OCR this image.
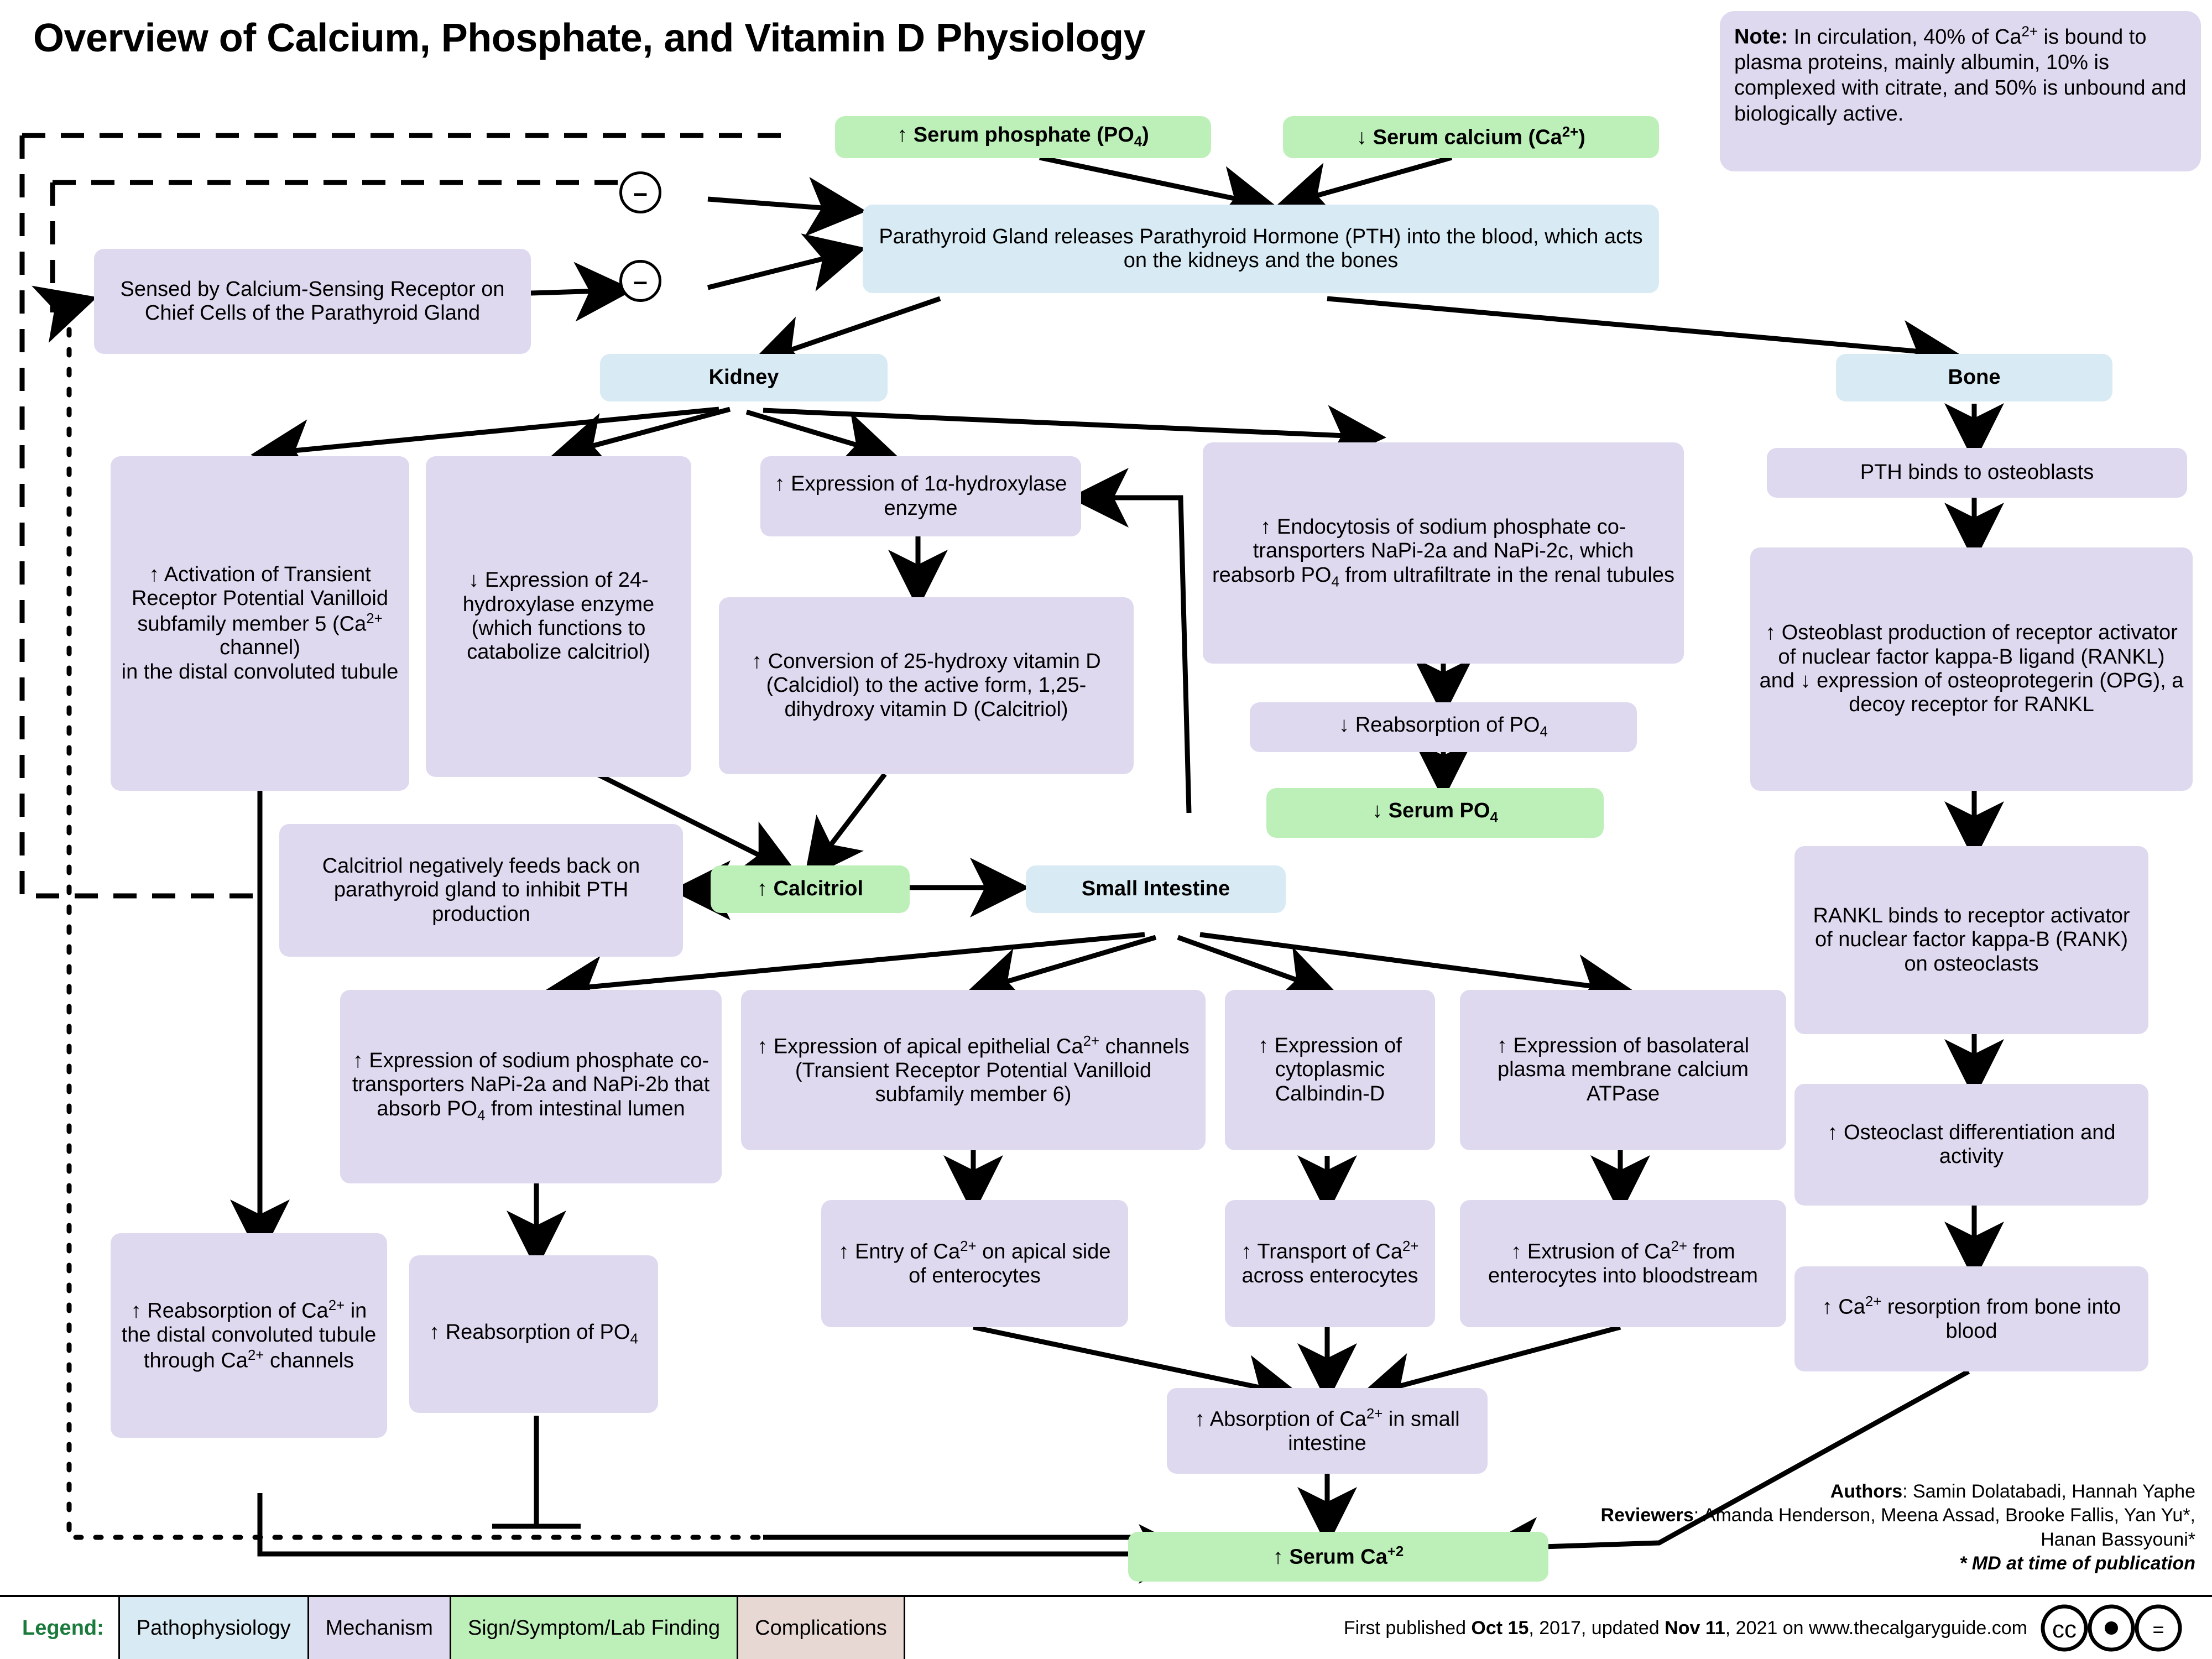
Overview of Calcium, Phosphate, and Vitamin D Physiology	Note: In circulation, 40% of $Ca^{2+}$ is bound to plasma proteins, mainly albumin, 10% is complexed with citrate, and 50% is unbound and biologically active.
↑ Serum phosphate $(PO_4)$	↓ Serum calcium $(Ca^{2+})$
Parathyroid Gland releases Parathyroid Hormone (PTH) into the blood, which acts on the kidneys and the bones
–
–
Sensed by Calcium-Sensing Receptor on Chief Cells of the Parathyroid Gland
Kidney	Bone
↑ Activation of Transient Receptor Potential Vanilloid subfamily member 5 ($Ca^{2+}$ channel)
in the distal convoluted tubule
↓ Expression of 24-hydroxylase enzyme (which functions to catabolize calcitriol)
↑ Expression of 1α-hydroxylase enzyme
↑ Conversion of 25-hydroxy vitamin D (Calcidiol) to the active form, 1,25-dihydroxy vitamin D (Calcitriol)
↑ Endocytosis of sodium phosphate co-transporters NaPi-2a and NaPi-2c, which reabsorb $PO_4$ from ultrafiltrate in the renal tubules
↓ Reabsorption of $PO_4$
↓ Serum $PO_4$
Calcitriol negatively feeds back on parathyroid gland to inhibit PTH production
↑ Calcitriol	Small Intestine
↑ Expression of sodium phosphate co-transporters NaPi-2a and NaPi-2b that absorb $PO_4$ from intestinal lumen
↑ Expression of apical epithelial $Ca^{2+}$ channels (Transient Receptor Potential Vanilloid subfamily member 6)
↑ Expression of cytoplasmic Calbindin-D
↑ Expression of basolateral plasma membrane calcium ATPase
↑ Entry of $Ca^{2+}$ on apical side of enterocytes
↑ Transport of $Ca^{2+}$ across enterocytes
↑ Extrusion of $Ca^{2+}$ from enterocytes into bloodstream
↑ Reabsorption of $Ca^{2+}$ in the distal convoluted tubule through $Ca^{2+}$ channels
↑ Reabsorption of $PO_4$
↑ Absorption of $Ca^{2+}$ in small intestine
↑ Serum $Ca^{+2}$
PTH binds to osteoblasts
↑ Osteoblast production of receptor activator of nuclear factor kappa-B ligand (RANKL) and ↓ expression of osteoprotegerin (OPG), a decoy receptor for RANKL
RANKL binds to receptor activator of nuclear factor kappa-B (RANK) on osteoclasts
↑ Osteoclast differentiation and activity
↑ $Ca^{2+}$ resorption from bone into blood
Authors: Samin Dolatabadi, Hannah Yaphe
Reviewers: Amanda Henderson, Meena Assad, Brooke Fallis, Yan Yu*, Hanan Bassyouni*
* MD at time of publication
Legend:	Pathophysiology Mechanism Sign/Symptom/Lab Finding Complications	First published Oct 15, 2017, updated Nov 11, 2021 on www.thecalgaryguide.com cc	=
